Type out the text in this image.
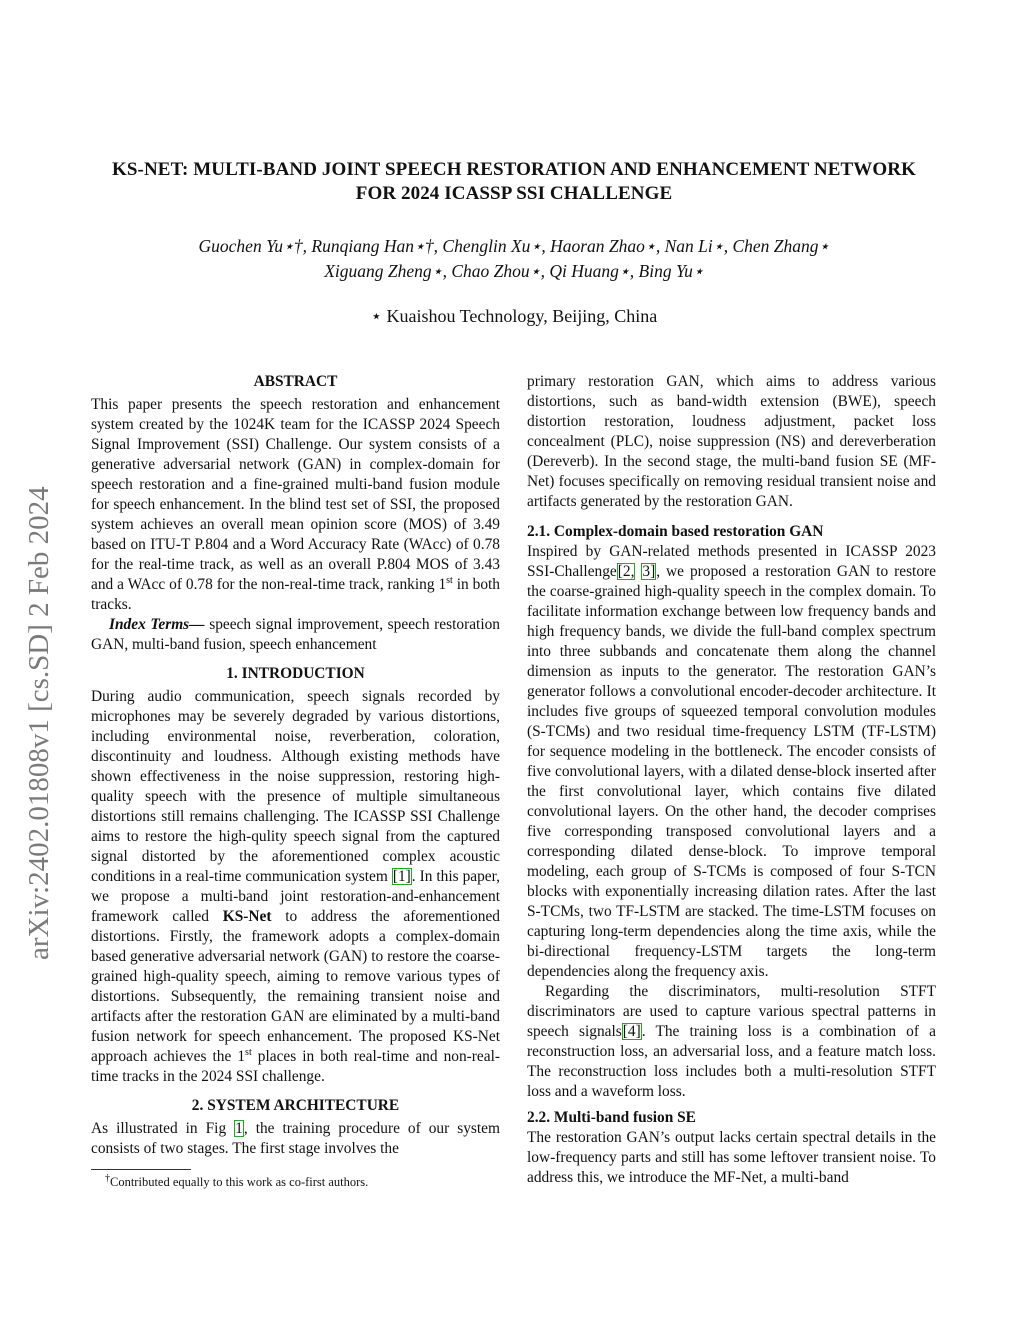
arXiv:2402.01808v1 [cs.SD] 2 Feb 2024
KS-NET: MULTI-BAND JOINT SPEECH RESTORATION AND ENHANCEMENT NETWORK
FOR 2024 ICASSP SSI CHALLENGE
Guochen Yu⋆†, Runqiang Han⋆†, Chenglin Xu⋆, Haoran Zhao⋆, Nan Li⋆, Chen Zhang⋆
Xiguang Zheng⋆, Chao Zhou⋆, Qi Huang⋆, Bing Yu⋆
⋆ Kuaishou Technology, Beijing, China
ABSTRACT

This paper presents the speech restoration and enhancement system created by the 1024K team for the ICASSP 2024 Speech Signal Improvement (SSI) Challenge. Our system consists of a generative adversarial network (GAN) in complex-domain for speech restoration and a fine-grained multi-band fusion module for speech enhancement. In the blind test set of SSI, the proposed system achieves an overall mean opinion score (MOS) of 3.49 based on ITU-T P.804 and a Word Accuracy Rate (WAcc) of 0.78 for the real-time track, as well as an overall P.804 MOS of 3.43 and a WAcc of 0.78 for the non-real-time track, ranking 1st in both tracks.

Index Terms— speech signal improvement, speech restoration GAN, multi-band fusion, speech enhancement

1. INTRODUCTION

During audio communication, speech signals recorded by microphones may be severely degraded by various distortions, including environmental noise, reverberation, coloration, discontinuity and loudness. Although existing methods have shown effectiveness in the noise suppression, restoring high-quality speech with the presence of multiple simultaneous distortions still remains challenging. The ICASSP SSI Challenge aims to restore the high-qulity speech signal from the captured signal distorted by the aforementioned complex acoustic conditions in a real-time communication system [1]. In this paper, we propose a multi-band joint restoration-and-enhancement framework called KS-Net to address the aforementioned distortions. Firstly, the framework adopts a complex-domain based generative adversarial network (GAN) to restore the coarse-grained high-quality speech, aiming to remove various types of distortions. Subsequently, the remaining transient noise and artifacts after the restoration GAN are eliminated by a multi-band fusion network for speech enhancement. The proposed KS-Net approach achieves the 1st places in both real-time and non-real-time tracks in the 2024 SSI challenge.

2. SYSTEM ARCHITECTURE

As illustrated in Fig 1, the training procedure of our system consists of two stages. The first stage involves the

†Contributed equally to this work as co-first authors.

primary restoration GAN, which aims to address various distortions, such as band-width extension (BWE), speech distortion restoration, loudness adjustment, packet loss concealment (PLC), noise suppression (NS) and dereverberation (Dereverb). In the second stage, the multi-band fusion SE (MF-Net) focuses specifically on removing residual transient noise and artifacts generated by the restoration GAN.

2.1. Complex-domain based restoration GAN

Inspired by GAN-related methods presented in ICASSP 2023 SSI-Challenge[2, 3], we proposed a restoration GAN to restore the coarse-grained high-quality speech in the complex domain. To facilitate information exchange between low frequency bands and high frequency bands, we divide the full-band complex spectrum into three subbands and concatenate them along the channel dimension as inputs to the generator. The restoration GAN’s generator follows a convolutional encoder-decoder architecture. It includes five groups of squeezed temporal convolution modules (S-TCMs) and two residual time-frequency LSTM (TF-LSTM) for sequence modeling in the bottleneck. The encoder consists of five convolutional layers, with a dilated dense-block inserted after the first convolutional layer, which contains five dilated convolutional layers. On the other hand, the decoder comprises five corresponding transposed convolutional layers and a corresponding dilated dense-block. To improve temporal modeling, each group of S-TCMs is composed of four S-TCN blocks with exponentially increasing dilation rates. After the last S-TCMs, two TF-LSTM are stacked. The time-LSTM focuses on capturing long-term dependencies along the time axis, while the bi-directional frequency-LSTM targets the long-term dependencies along the frequency axis.

Regarding the discriminators, multi-resolution STFT discriminators are used to capture various spectral patterns in speech signals[4]. The training loss is a combination of a reconstruction loss, an adversarial loss, and a feature match loss. The reconstruction loss includes both a multi-resolution STFT loss and a waveform loss.

2.2. Multi-band fusion SE

The restoration GAN’s output lacks certain spectral details in the low-frequency parts and still has some leftover transient noise. To address this, we introduce the MF-Net, a multi-band
